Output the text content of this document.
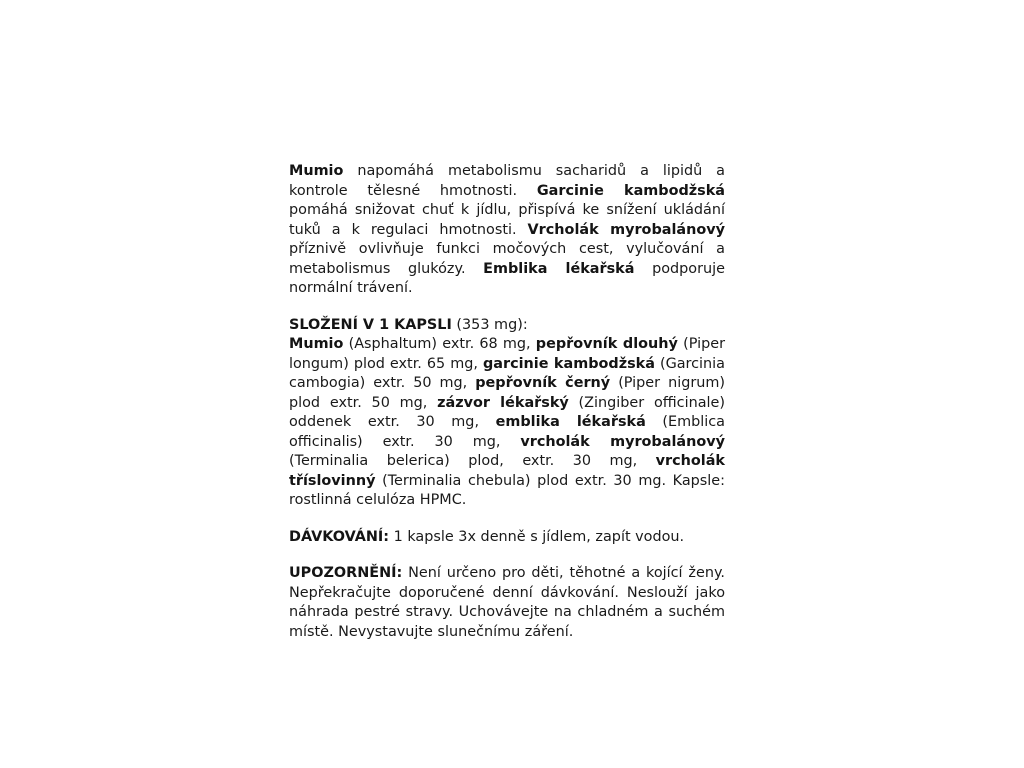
Mumio napomáhá metabolismu sacharidů a lipidů a kontrole tělesné hmotnosti. Garcinie kambodžská pomáhá snižovat chuť k jídlu, přispívá ke snížení ukládání tuků a k regulaci hmotnosti. Vrcholák myrobalánový příznivě ovlivňuje funkci močových cest, vylučování a metabolismus glukózy. Emblika lékařská podporuje normální trávení.

SLOŽENÍ V 1 KAPSLI (353 mg):
Mumio (Asphaltum) extr. 68 mg, pepřovník dlouhý (Piper longum) plod extr. 65 mg, garcinie kambodžská (Garcinia cambogia) extr. 50 mg, pepřovník černý (Piper nigrum) plod extr. 50 mg, zázvor lékařský (Zingiber officinale) oddenek extr. 30 mg, emblika lékařská (Emblica officinalis) extr. 30 mg, vrcholák myrobalánový (Terminalia belerica) plod, extr. 30 mg, vrcholák tříslovinný (Terminalia chebula) plod extr. 30 mg. Kapsle: rostlinná celulóza HPMC.

DÁVKOVÁNÍ: 1 kapsle 3x denně s jídlem, zapít vodou.

UPOZORNĚNÍ: Není určeno pro děti, těhotné a kojící ženy. Nepřekračujte doporučené denní dávkování. Neslouží jako náhrada pestré stravy. Uchovávejte na chladném a suchém místě. Nevystavujte slunečnímu záření.
